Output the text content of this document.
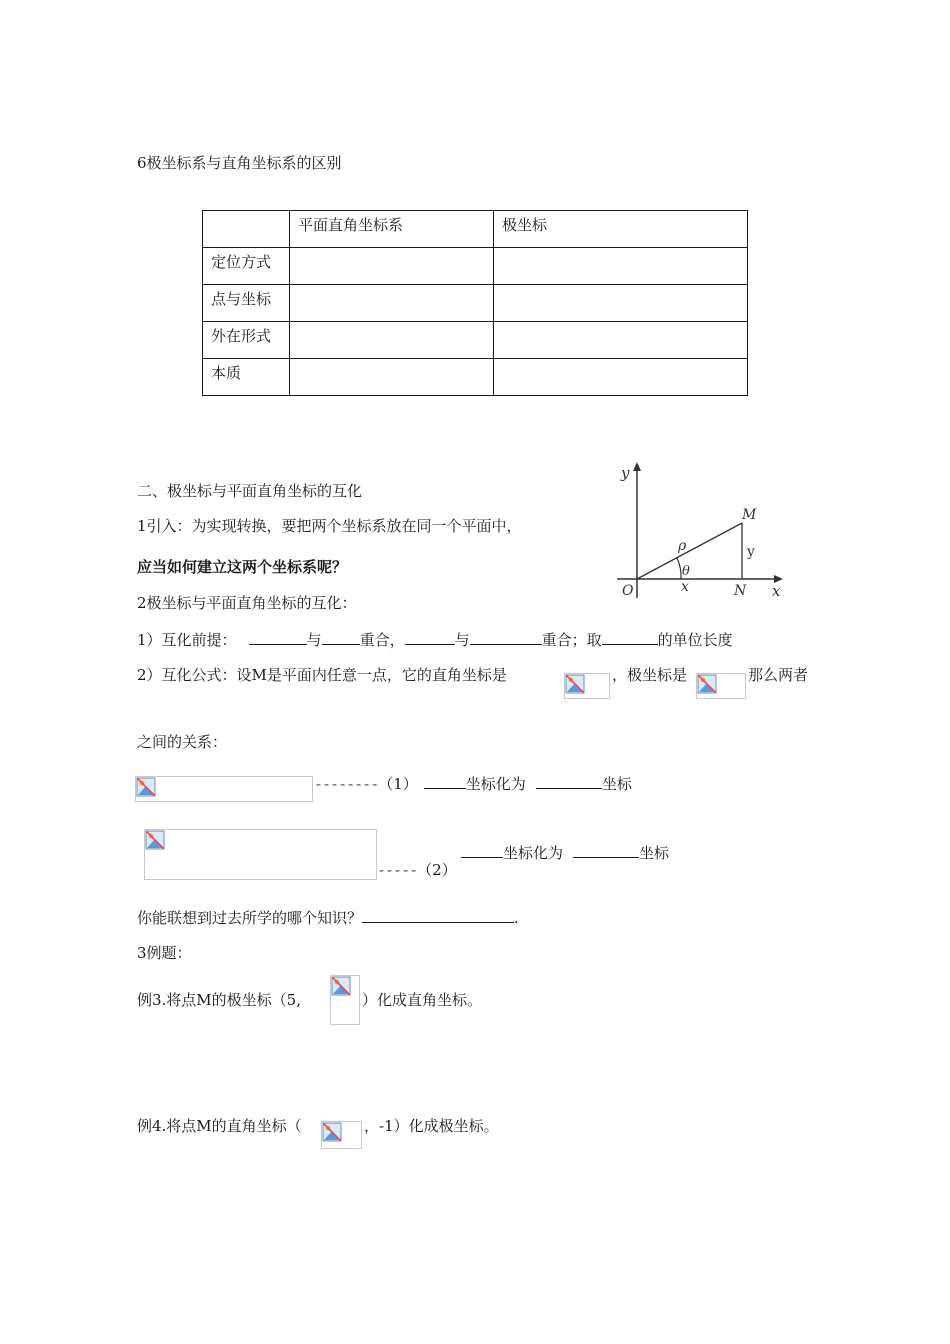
6极坐标系与直角坐标系的区别
	平面直角坐标系	极坐标
定位方式		
点与坐标		
外在形式		
本质		
y
x
M
N
O
ρ
θ
x
y
二、极坐标与平面直角坐标的互化
1引入：为实现转换，要把两个坐标系放在同一个平面中，
应当如何建立这两个坐标系呢？
2极坐标与平面直角坐标的互化：
1）互化前提：	与	重合，	与	重合；取	的单位长度
2）互化公式：设M是平面内任意一点，它的直角坐标是	，极坐标是	那么两者
之间的关系：
--------（1）	坐标化为	坐标
-----（2）
坐标化为	坐标
你能联想到过去所学的哪个知识？	.
3例题：
例3.将点M的极坐标（5,	）化成直角坐标。
例4.将点M的直角坐标（	，-1）化成极坐标。
